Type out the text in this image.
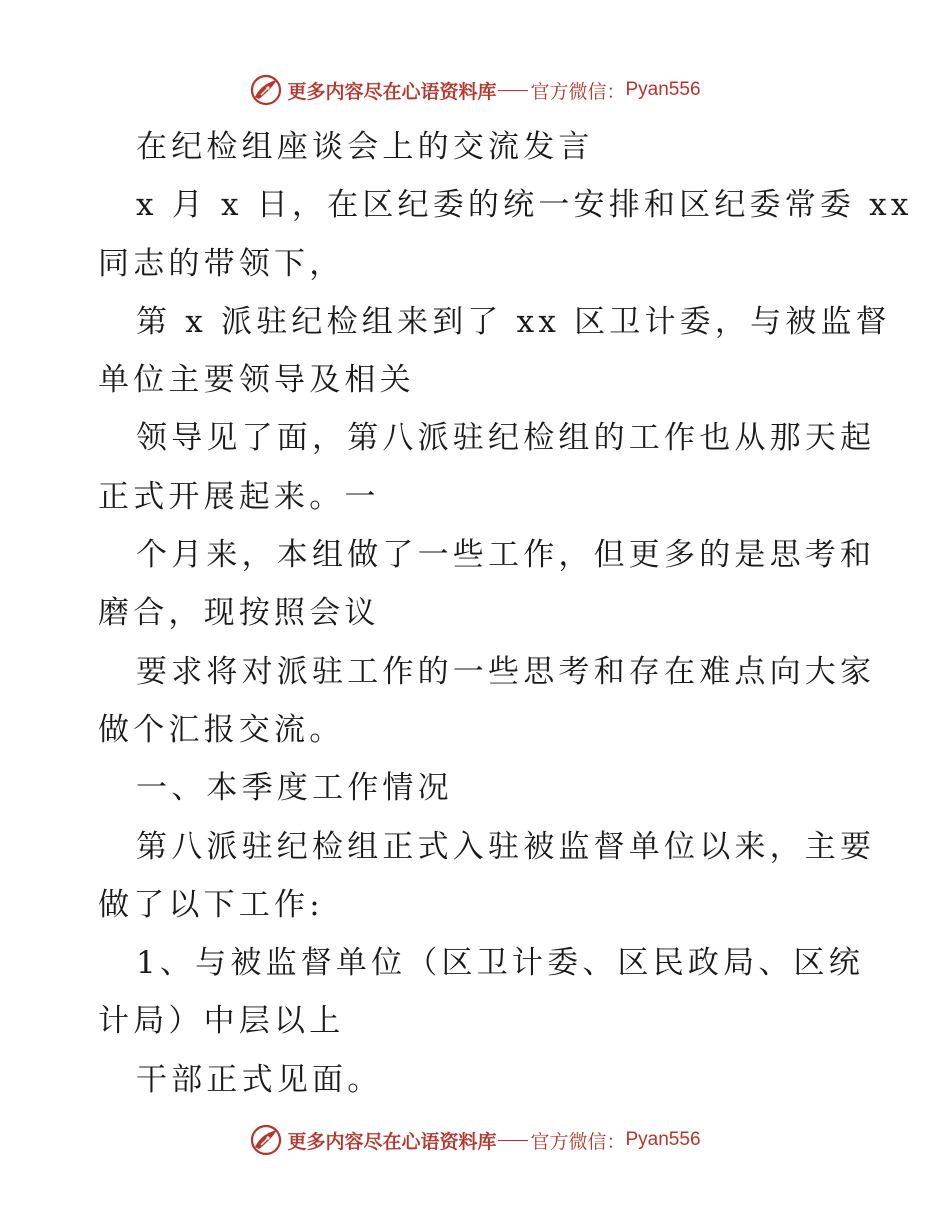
更多内容尽在心语资料库 官方微信： Pyan556
在纪检组座谈会上的交流发言
x 月 x 日，在区纪委的统一安排和区纪委常委 xx
同志的带领下，
第 x 派驻纪检组来到了 xx 区卫计委，与被监督
单位主要领导及相关
领导见了面，第八派驻纪检组的工作也从那天起
正式开展起来。一
个月来，本组做了一些工作，但更多的是思考和
磨合，现按照会议
要求将对派驻工作的一些思考和存在难点向大家
做个汇报交流。
一、本季度工作情况
第八派驻纪检组正式入驻被监督单位以来，主要
做了以下工作:
1、与被监督单位（区卫计委、区民政局、区统
计局）中层以上
干部正式见面。
更多内容尽在心语资料库 官方微信： Pyan556
